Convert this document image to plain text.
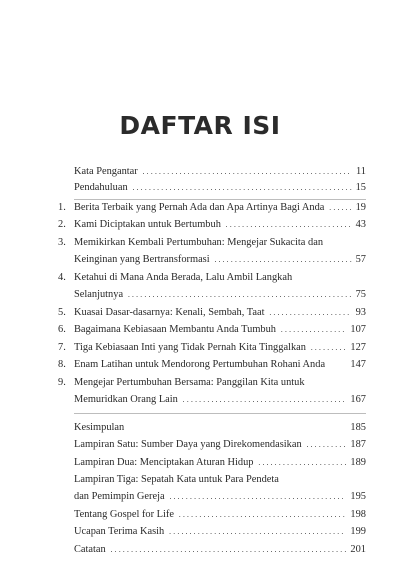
DAFTAR ISI
Kata Pengantar .....	11
Pendahuluan .....	15
1. Berita Terbaik yang Pernah Ada dan Apa Artinya Bagi Anda .....	19
2. Kami Diciptakan untuk Bertumbuh .....	43
3. Memikirkan Kembali Pertumbuhan: Mengejar Sukacita dan
Keinginan yang Bertransformasi .....	57
4. Ketahui di Mana Anda Berada, Lalu Ambil Langkah
Selanjutnya .....	75
5. Kuasai Dasar-dasarnya: Kenali, Sembah, Taat .....	93
6. Bagaimana Kebiasaan Membantu Anda Tumbuh .....	107
7. Tiga Kebiasaan Inti yang Tidak Pernah Kita Tinggalkan .....	127
8. Enam Latihan untuk Mendorong Pertumbuhan Rohani Anda 147
9. Mengejar Pertumbuhan Bersama: Panggilan Kita untuk
Memuridkan Orang Lain .....	167
Kesimpulan	185
Lampiran Satu: Sumber Daya yang Direkomendasikan .....	187
Lampiran Dua: Menciptakan Aturan Hidup .....	189
Lampiran Tiga: Sepatah Kata untuk Para Pendeta
dan Pemimpin Gereja .....	195
Tentang Gospel for Life .....	198
Ucapan Terima Kasih .....	199
Catatan .....	201
